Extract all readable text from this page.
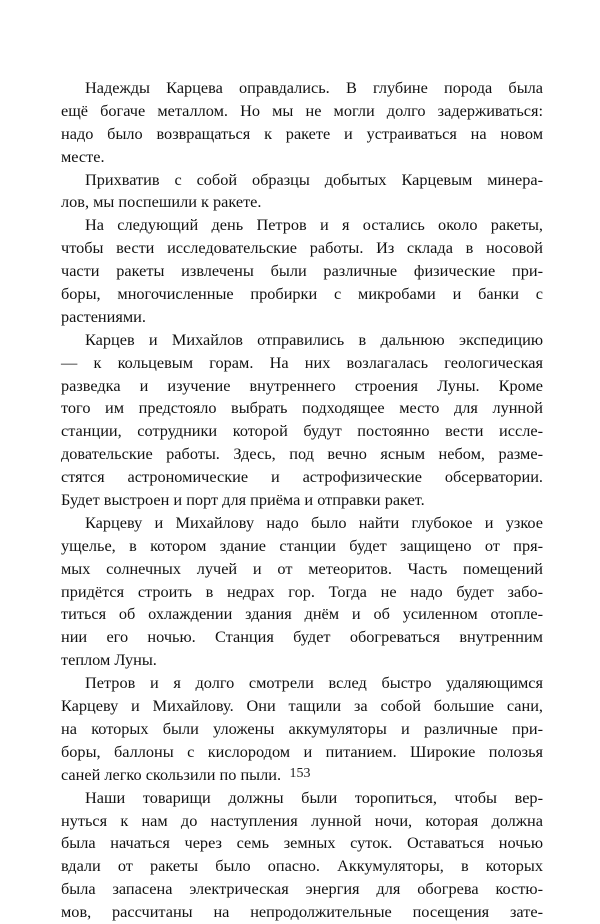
Надежды Карцева оправдались. В глубине порода была
ещё богаче металлом. Но мы не могли долго задерживаться:
надо было возвращаться к ракете и устраиваться на новом
месте.
Прихватив с собой образцы добытых Карцевым минера-
лов, мы поспешили к ракете.
На следующий день Петров и я остались около ракеты,
чтобы вести исследовательские работы. Из склада в носовой
части ракеты извлечены были различные физические при-
боры, многочисленные пробирки с микробами и банки с
растениями.
Карцев и Михайлов отправились в дальнюю экспедицию
— к кольцевым горам. На них возлагалась геологическая
разведка и изучение внутреннего строения Луны. Кроме
того им предстояло выбрать подходящее место для лунной
станции, сотрудники которой будут постоянно вести иссле-
довательские работы. Здесь, под вечно ясным небом, разме-
стятся астрономические и астрофизические обсерватории.
Будет выстроен и порт для приёма и отправки ракет.
Карцеву и Михайлову надо было найти глубокое и узкое
ущелье, в котором здание станции будет защищено от пря-
мых солнечных лучей и от метеоритов. Часть помещений
придётся строить в недрах гор. Тогда не надо будет забо-
титься об охлаждении здания днём и об усиленном отопле-
нии его ночью. Станция будет обогреваться внутренним
теплом Луны.
Петров и я долго смотрели вслед быстро удаляющимся
Карцеву и Михайлову. Они тащили за собой большие сани,
на которых были уложены аккумуляторы и различные при-
боры, баллоны с кислородом и питанием. Широкие полозья
саней легко скользили по пыли.
Наши товарищи должны были торопиться, чтобы вер-
нуться к нам до наступления лунной ночи, которая должна
была начаться через семь земных суток. Оставаться ночью
вдали от ракеты было опасно. Аккумуляторы, в которых
была запасена электрическая энергия для обогрева костю-
мов, рассчитаны на непродолжительные посещения зате-
153
